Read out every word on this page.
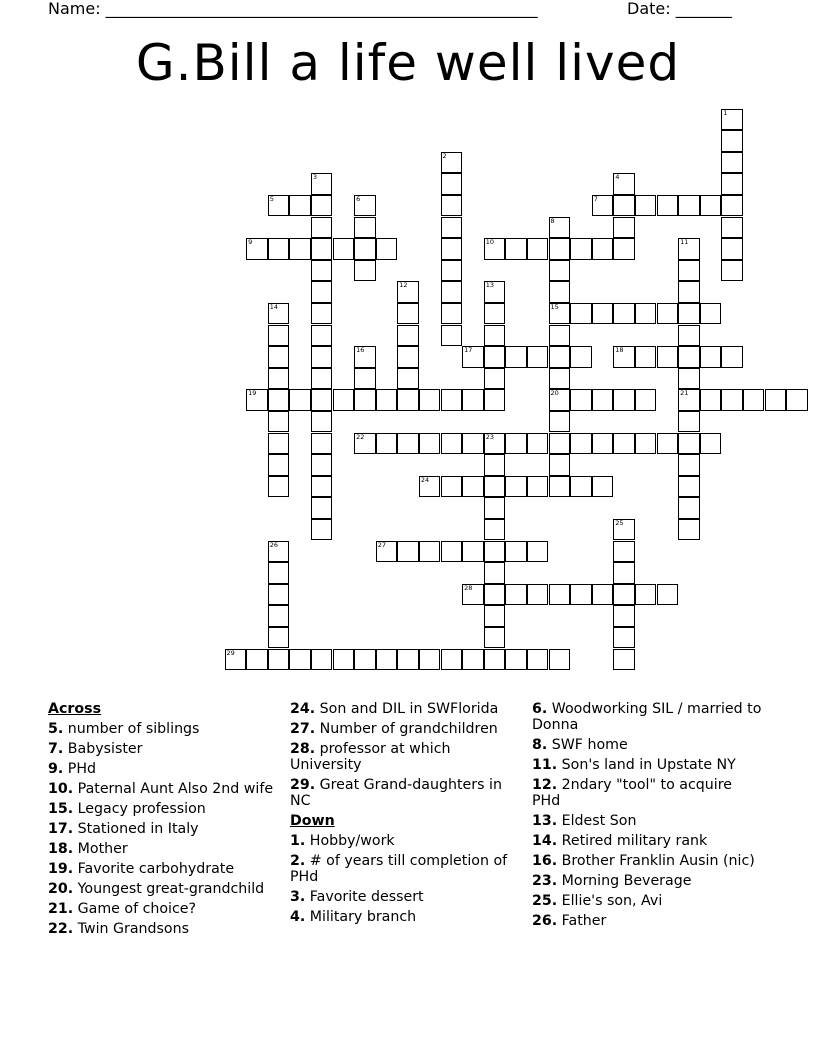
Name: ______________________________________________________	Date: _______
G.Bill a life well lived
1
2
3	4
5	6	7
8
15
20
9	10	11
21
12	13
14
16	17	18
19
22	23
24
25
26	27
28
29
Across
5. number of siblings
7. Babysister
9. PHd
10. Paternal Aunt Also 2nd wife
15. Legacy profession
17. Stationed in Italy
18. Mother
19. Favorite carbohydrate
20. Youngest great-grandchild
21. Game of choice?
22. Twin Grandsons
24. Son and DIL in SWFlorida
27. Number of grandchildren
28. professor at which University
29. Great Grand-daughters in NC
Down
1. Hobby/work
2. # of years till completion of PHd
3. Favorite dessert
4. Military branch
6. Woodworking SIL / married to Donna
8. SWF home
11. Son's land in Upstate NY
12. 2ndary "tool" to acquire PHd
13. Eldest Son
14. Retired military rank
16. Brother Franklin Ausin (nic)
23. Morning Beverage
25. Ellie's son, Avi
26. Father
